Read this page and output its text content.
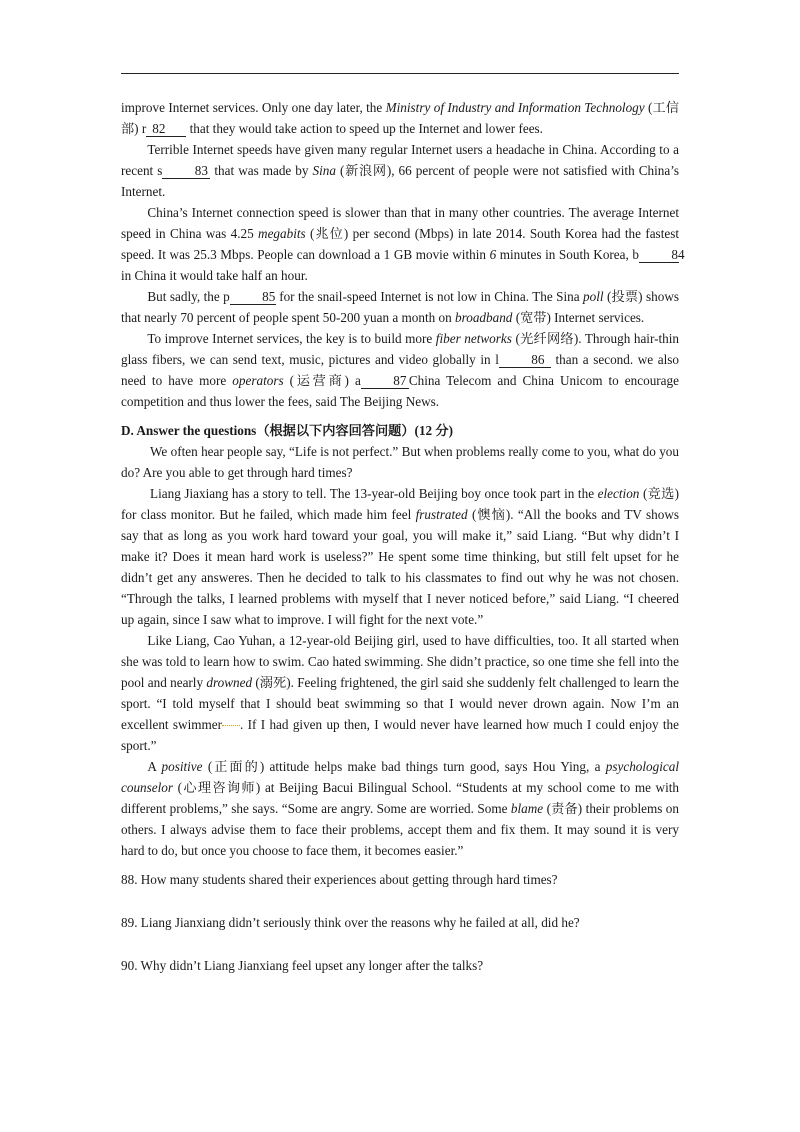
improve Internet services. Only one day later, the Ministry of Industry and Information Technology (工信部) r 82 that they would take action to speed up the Internet and lower fees.

Terrible Internet speeds have given many regular Internet users a headache in China. According to a recent s 83 that was made by Sina (新浪网), 66 percent of people were not satisfied with China’s Internet.

China’s Internet connection speed is slower than that in many other countries. The average Internet speed in China was 4.25 megabits (兆位) per second (Mbps) in late 2014. South Korea had the fastest speed. It was 25.3 Mbps. People can download a 1 GB movie within 6 minutes in South Korea, b 84 in China it would take half an hour.

But sadly, the p 85 for the snail-speed Internet is not low in China. The Sina poll (投票) shows that nearly 70 percent of people spent 50-200 yuan a month on broadband (宽带) Internet services.

To improve Internet services, the key is to build more fiber networks (光纤网络). Through hair-thin glass fibers, we can send text, music, pictures and video globally in l 86 than a second. we also need to have more operators (运营商) a 87 China Telecom and China Unicom to encourage competition and thus lower the fees, said The Beijing News.

D. Answer the questions（根据以下内容回答问题）(12 分)

We often hear people say, “Life is not perfect.” But when problems really come to you, what do you do? Are you able to get through hard times?

Liang Jiaxiang has a story to tell. The 13-year-old Beijing boy once took part in the election (竞选) for class monitor. But he failed, which made him feel frustrated (懊恼). “All the books and TV shows say that as long as you work hard toward your goal, you will make it,” said Liang. “But why didn’t I make it? Does it mean hard work is useless?” He spent some time thinking, but still felt upset for he didn’t get any answeres. Then he decided to talk to his classmates to find out why he was not chosen. “Through the talks, I learned problems with myself that I never noticed before,” said Liang. “I cheered up again, since I saw what to improve. I will fight for the next vote.”

Like Liang, Cao Yuhan, a 12-year-old Beijing girl, used to have difficulties, too. It all started when she was told to learn how to swim. Cao hated swimming. She didn’t practice, so one time she fell into the pool and nearly drowned (溺死). Feeling frightened, the girl said she suddenly felt challenged to learn the sport. “I told myself that I should beat swimming so that I would never drown again. Now I’m an excellent swimmer . If I had given up then, I would never have learned how much I could enjoy the sport.”

A positive (正面的) attitude helps make bad things turn good, says Hou Ying, a psychological counselor (心理咨询师) at Beijing Bacui Bilingual School. “Students at my school come to me with different problems,” she says. “Some are angry. Some are worried. Some blame (责备) their problems on others. I always advise them to face their problems, accept them and fix them. It may sound it is very hard to do, but once you choose to face them, it becomes easier.”

88. How many students shared their experiences about getting through hard times?

89. Liang Jianxiang didn’t seriously think over the reasons why he failed at all, did he?

90. Why didn’t Liang Jianxiang feel upset any longer after the talks?
